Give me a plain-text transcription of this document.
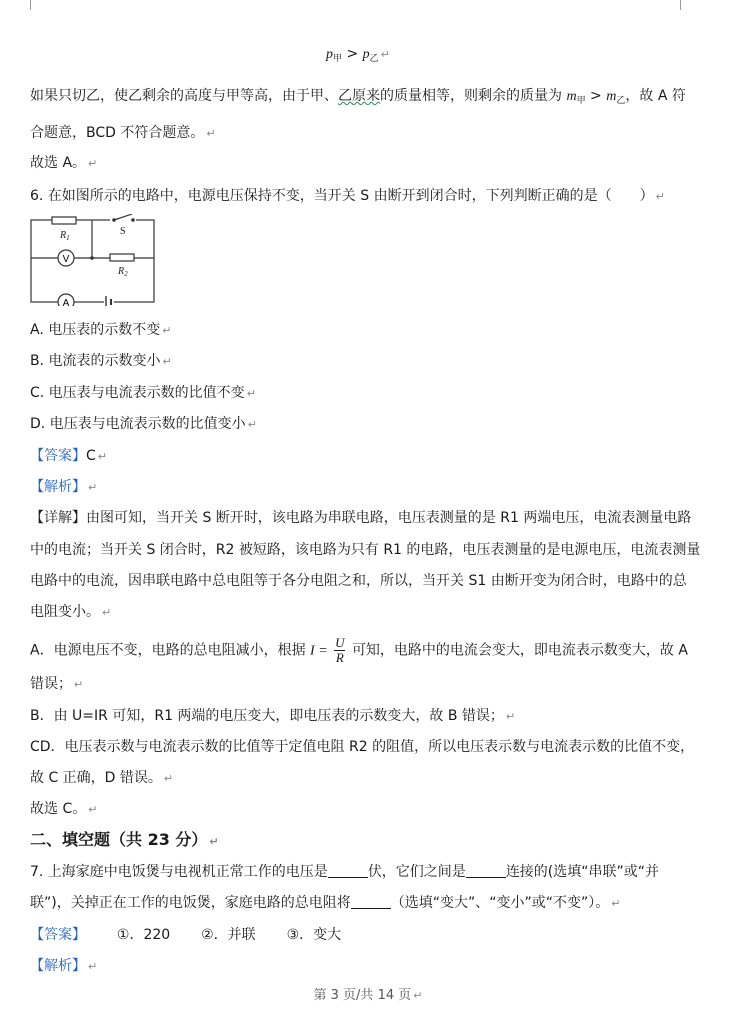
$p_甲 > p_乙$ ↵
如果只切乙，使乙剩余的高度与甲等高，由于甲、乙原来的质量相等，则剩余的质量为 $m_甲 > m_乙$，故 A 符
合题意，BCD 不符合题意。 ↵
故选 A。 ↵
6. 在如图所示的电路中，电源电压保持不变，当开关 S 由断开到闭合时，下列判断正确的是（　　） ↵
V
A
$R_1$
S
$R_2$
A. 电压表的示数不变 ↵
B. 电流表的示数变小 ↵
C. 电压表与电流表示数的比值不变 ↵
D. 电压表与电流表示数的比值变小 ↵
【答案】C ↵
【解析】 ↵
【详解】由图可知，当开关 S 断开时，该电路为串联电路，电压表测量的是 R1 两端电压，电流表测量电路
中的电流；当开关 S 闭合时，R2 被短路，该电路为只有 R1 的电路，电压表测量的是电源电压，电流表测量
电路中的电流，因串联电路中总电阻等于各分电阻之和，所以，当开关 S1 由断开变为闭合时，电路中的总
电阻变小。 ↵
A．电源电压不变，电路的总电阻减小，根据 $I = \frac{U}{R}$ 可知，电路中的电流会变大，即电流表示数变大，故 A
错误； ↵
B．由 U=IR 可知，R1 两端的电压变大，即电压表的示数变大，故 B 错误； ↵
CD．电压表示数与电流表示数的比值等于定值电阻 R2 的阻值，所以电压表示数与电流表示数的比值不变，
故 C 正确，D 错误。 ↵
故选 C。 ↵
二、填空题（共 23 分） ↵
7. 上海家庭中电饭煲与电视机正常工作的电压是	伏，它们之间是	连接的(选填“串联”或“并
联”)，关掉正在工作的电饭煲，家庭电路的总电阻将	（选填“变大”、“变小”或“不变”）。 ↵
【答案】 ①．220 ②．并联 ③．变大
【解析】 ↵
第 3 页/共 14 页 ↵
